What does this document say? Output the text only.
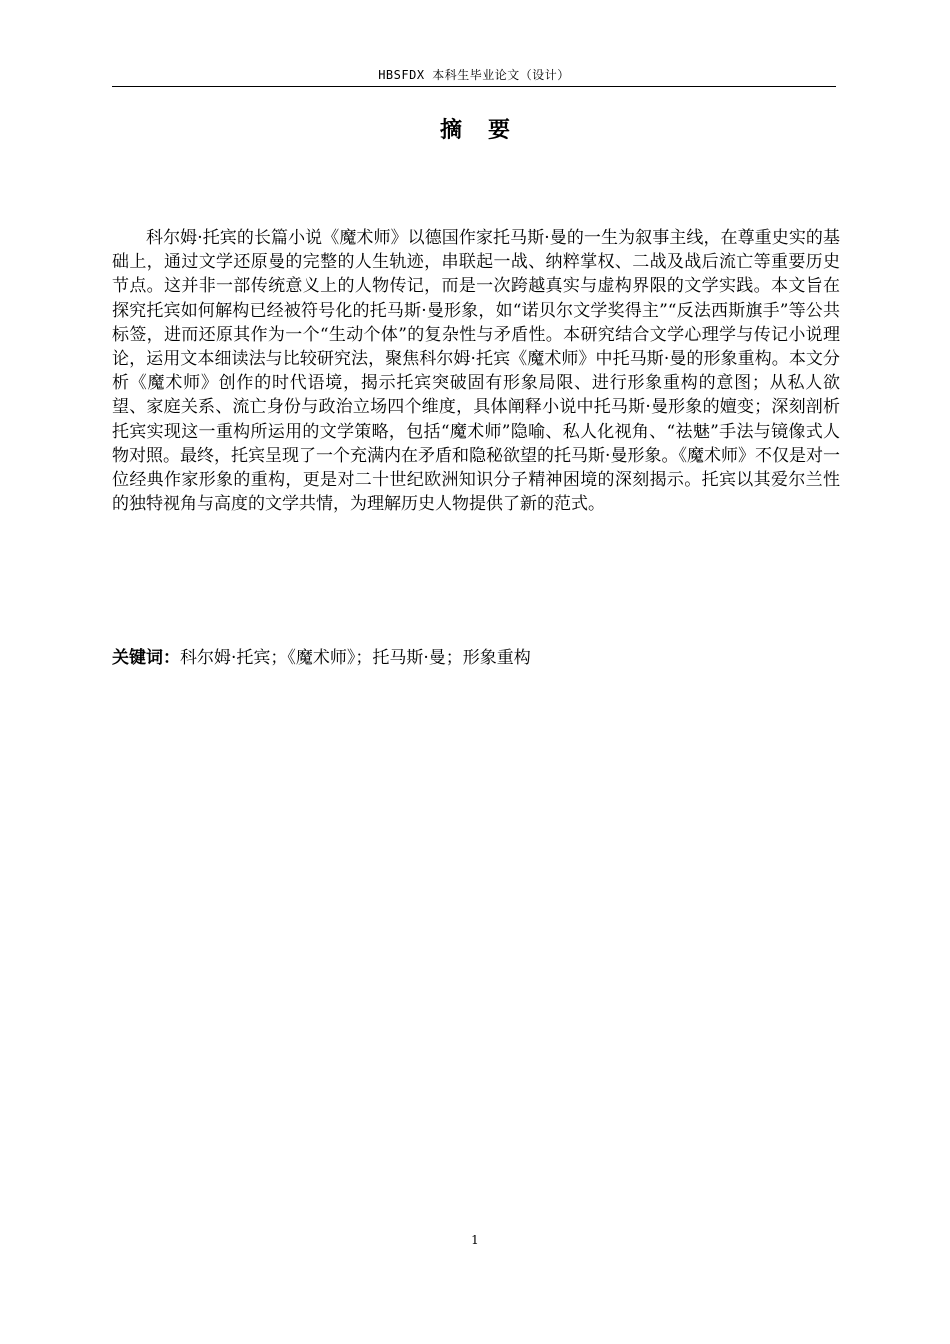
HBSFDX 本科生毕业论文（设计）
摘要

科尔姆·托宾的长篇小说《魔术师》以德国作家托马斯·曼的一生为叙事主线，在尊重史实的基础上，通过文学还原曼的完整的人生轨迹，串联起一战、纳粹掌权、二战及战后流亡等重要历史节点。这并非一部传统意义上的人物传记，而是一次跨越真实与虚构界限的文学实践。本文旨在探究托宾如何解构已经被符号化的托马斯·曼形象，如“诺贝尔文学奖得主”“反法西斯旗手”等公共标签，进而还原其作为一个“生动个体”的复杂性与矛盾性。本研究结合文学心理学与传记小说理论，运用文本细读法与比较研究法，聚焦科尔姆·托宾《魔术师》中托马斯·曼的形象重构。本文分析《魔术师》创作的时代语境，揭示托宾突破固有形象局限、进行形象重构的意图；从私人欲望、家庭关系、流亡身份与政治立场四个维度，具体阐释小说中托马斯·曼形象的嬗变；深刻剖析托宾实现这一重构所运用的文学策略，包括“魔术师”隐喻、私人化视角、“祛魅”手法与镜像式人物对照。最终，托宾呈现了一个充满内在矛盾和隐秘欲望的托马斯·曼形象。《魔术师》不仅是对一位经典作家形象的重构，更是对二十世纪欧洲知识分子精神困境的深刻揭示。托宾以其爱尔兰性的独特视角与高度的文学共情，为理解历史人物提供了新的范式。

关键词：科尔姆·托宾；《魔术师》；托马斯·曼；形象重构

1
